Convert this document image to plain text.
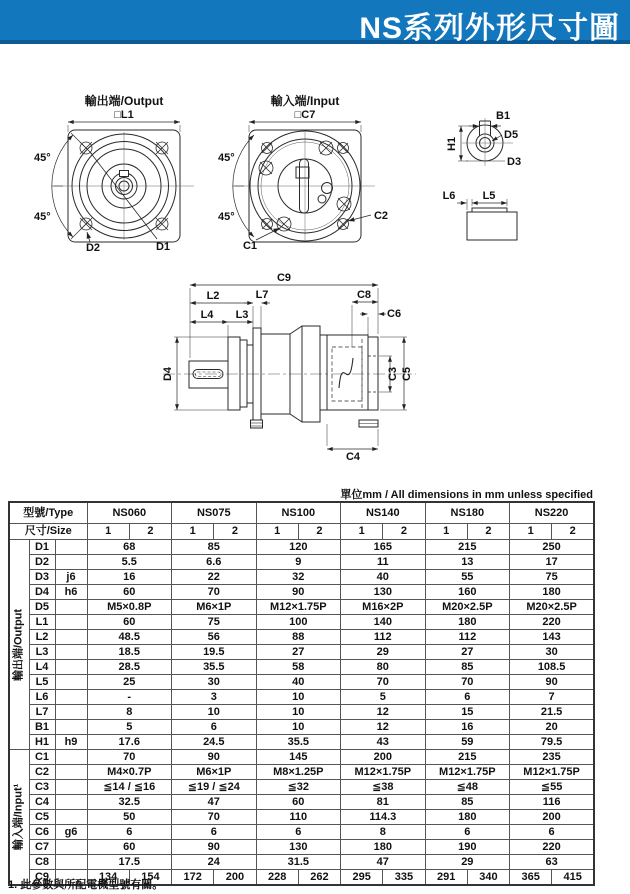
NS系列外形尺寸圖
輸出端/Output
□L1
45°
45°
D1
D2
輸入端/Input
□C7
45°
45°
C1
C2
B1
D5
D3
H1
L6 L5
C9
L2	L7	C8
C6
L4 L3
D4	C3 C5
C4
單位mm / All dimensions in mm unless specified
型號/Type			NS060		NS075		NS100		NS140		NS180		NS220	
尺寸/Size			1	2	1	2	1	2	1	2	1	2	1	2

輸出端/Output	D1		68		85		120		165		215		250	
	D2		5.5		6.6		9		11		13		17	
	D3	j6	16		22		32		40		55		75	
	D4	h6	60		70		90		130		160		180	
	D5		M5×0.8P		M6×1P		M12×1.75P		M16×2P		M20×2.5P		M20×2.5P	
	L1		60		75		100		140		180		220	
	L2		48.5		56		88		112		112		143	
	L3		18.5		19.5		27		29		27		30	
	L4		28.5		35.5		58		80		85		108.5	
	L5		25		30		40		70		70		90	
	L6		-		3		10		5		6		7	
	L7		8		10		10		12		15		21.5	
	B1		5		6		10		12		16		20	
	H1	h9	17.6		24.5		35.5		43		59		79.5	

輸入端/Input¹	C1		70		90		145		200		215		235	
	C2		M4×0.7P		M6×1P		M8×1.25P		M12×1.75P		M12×1.75P		M12×1.75P	
	C3		≦14 / ≦16		≦19 / ≦24		≦32		≦38		≦48		≦55	
	C4		32.5		47		60		81		85		116	
	C5		50		70		110		114.3		180		200	
	C6	g6	6		6		6		8		6		6	
	C7		60		90		130		180		190		220	
	C8		17.5		24		31.5		47		29		63	
	C9		134	154	172	200	228	262	295	335	291	340	365	415
1. 此參數與所配電機型號有關。
